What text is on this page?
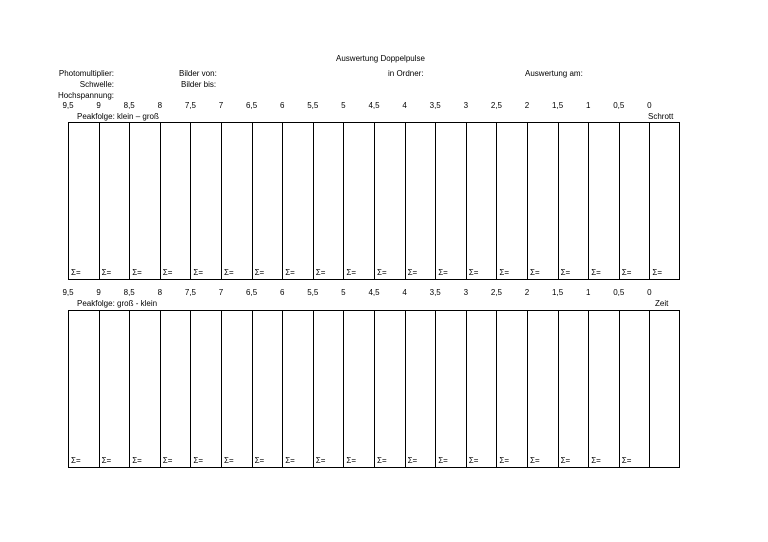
Auswertung Doppelpulse
Photomultiplier:
Schwelle:
Hochspannung:
Bilder von:
Bilder bis:
in Ordner:	Auswertung am:
9,5	9	8,5	8	7,5	7	6,5	6	5,5	5	4,5	4	3,5	3	2,5	2	1,5	1	0,5	0
Peakfolge: klein – groß	Schrott
Σ=	Σ=	Σ=	Σ=	Σ=	Σ=	Σ=	Σ=	Σ=	Σ=	Σ=	Σ=	Σ=	Σ=	Σ=	Σ=	Σ=	Σ=	Σ=	Σ=
9,5	9	8,5	8	7,5	7	6,5	6	5,5	5	4,5	4	3,5	3	2,5	2	1,5	1	0,5	0
Peakfolge: groß - klein	Zeit
Σ=	Σ=	Σ=	Σ=	Σ=	Σ=	Σ=	Σ=	Σ=	Σ=	Σ=	Σ=	Σ=	Σ=	Σ=	Σ=	Σ=	Σ=	Σ=
